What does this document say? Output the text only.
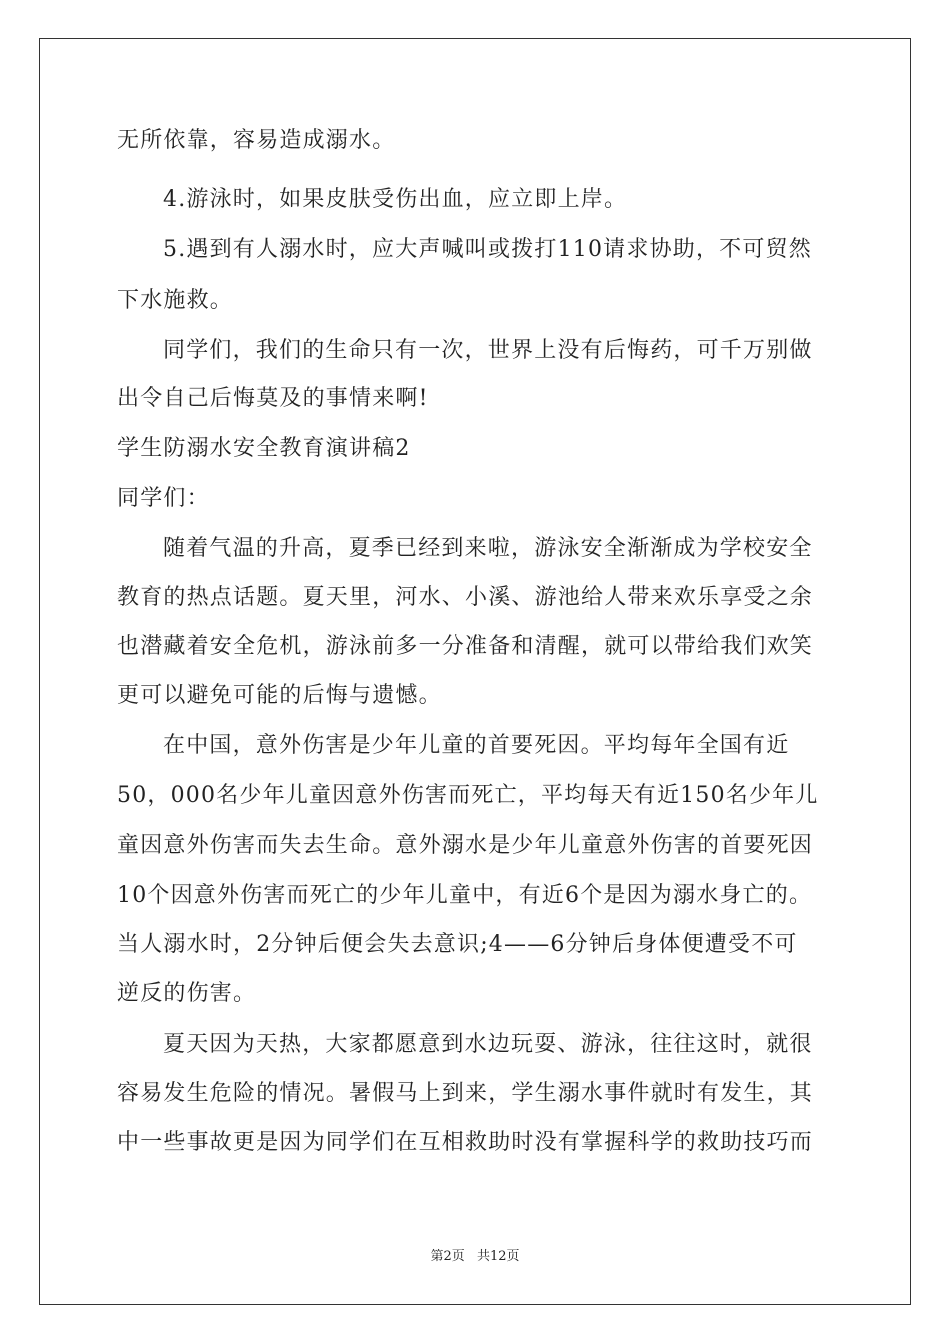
无所依靠，容易造成溺水。
4.游泳时，如果皮肤受伤出血，应立即上岸。
5.遇到有人溺水时，应大声喊叫或拨打110请求协助，不可贸然
下水施救。
同学们，我们的生命只有一次，世界上没有后悔药，可千万别做
出令自己后悔莫及的事情来啊!
学生防溺水安全教育演讲稿2
同学们：
随着气温的升高，夏季已经到来啦，游泳安全渐渐成为学校安全
教育的热点话题。夏天里，河水、小溪、游池给人带来欢乐享受之余
也潜藏着安全危机，游泳前多一分准备和清醒，就可以带给我们欢笑
更可以避免可能的后悔与遗憾。
在中国，意外伤害是少年儿童的首要死因。平均每年全国有近
50，000名少年儿童因意外伤害而死亡，平均每天有近150名少年儿
童因意外伤害而失去生命。意外溺水是少年儿童意外伤害的首要死因
10个因意外伤害而死亡的少年儿童中，有近6个是因为溺水身亡的。
当人溺水时，2分钟后便会失去意识;4——6分钟后身体便遭受不可
逆反的伤害。
夏天因为天热，大家都愿意到水边玩耍、游泳，往往这时，就很
容易发生危险的情况。暑假马上到来，学生溺水事件就时有发生，其
中一些事故更是因为同学们在互相救助时没有掌握科学的救助技巧而
第2页 共12页
